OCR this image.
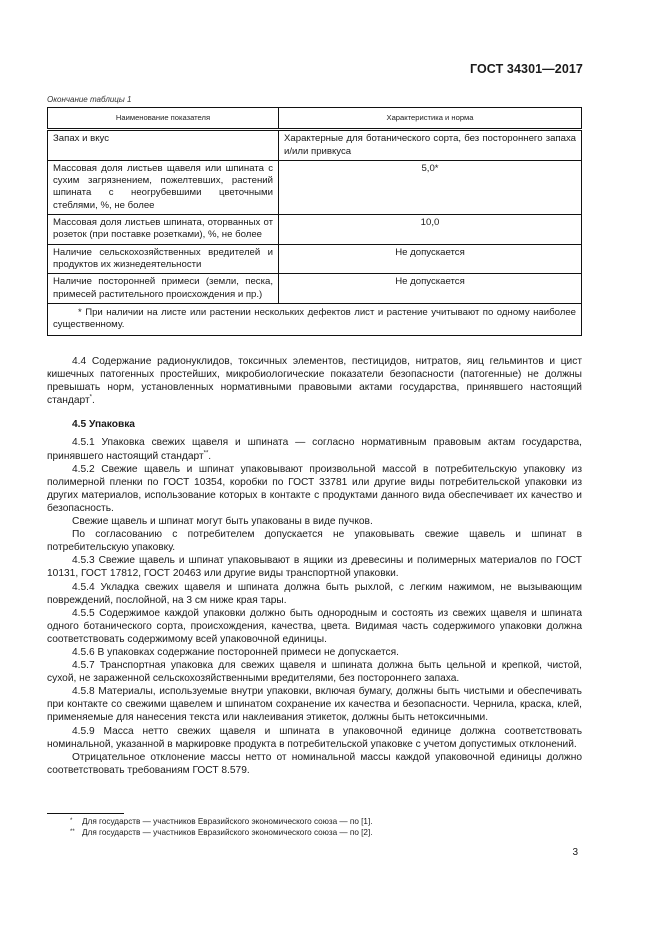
ГОСТ 34301—2017
Окончание таблицы 1
Наименование показателя	Характеристика и норма
Запах и вкус	Характерные для ботанического сорта, без постороннего запаха и/или привкуса
Массовая доля листьев щавеля или шпината с сухим загрязнением, пожелтевших, растений шпината с неогрубевшими цветочными стеблями, %, не более	5,0*
Массовая доля листьев шпината, оторванных от розеток (при поставке розетками), %, не более	10,0
Наличие сельскохозяйственных вредителей и продуктов их жизнедеятельности	Не допускается
Наличие посторонней примеси (земли, песка, примесей растительного происхождения и пр.)	Не допускается
* При наличии на листе или растении нескольких дефектов лист и растение учитывают по одному наиболее существенному.	

4.4 Содержание радионуклидов, токсичных элементов, пестицидов, нитратов, яиц гельминтов и цист кишечных патогенных простейших, микробиологические показатели безопасности (патогенные) не должны превышать норм, установленных нормативными правовыми актами государства, принявшего настоящий стандарт*.

4.5 Упаковка

4.5.1 Упаковка свежих щавеля и шпината — согласно нормативным правовым актам государства, принявшего настоящий стандарт**.

4.5.2 Свежие щавель и шпинат упаковывают произвольной массой в потребительскую упаковку из полимерной пленки по ГОСТ 10354, коробки по ГОСТ 33781 или другие виды потребительской упаковки из других материалов, использование которых в контакте с продуктами данного вида обеспечивает их качество и безопасность.

Свежие щавель и шпинат могут быть упакованы в виде пучков.

По согласованию с потребителем допускается не упаковывать свежие щавель и шпинат в потребительскую упаковку.

4.5.3 Свежие щавель и шпинат упаковывают в ящики из древесины и полимерных материалов по ГОСТ 10131, ГОСТ 17812, ГОСТ 20463 или другие виды транспортной упаковки.

4.5.4 Укладка свежих щавеля и шпината должна быть рыхлой, с легким нажимом, не вызывающим повреждений, послойной, на 3 см ниже края тары.

4.5.5 Содержимое каждой упаковки должно быть однородным и состоять из свежих щавеля и шпината одного ботанического сорта, происхождения, качества, цвета. Видимая часть содержимого упаковки должна соответствовать содержимому всей упаковочной единицы.

4.5.6 В упаковках содержание посторонней примеси не допускается.

4.5.7 Транспортная упаковка для свежих щавеля и шпината должна быть цельной и крепкой, чистой, сухой, не зараженной сельскохозяйственными вредителями, без постороннего запаха.

4.5.8 Материалы, используемые внутри упаковки, включая бумагу, должны быть чистыми и обеспечивать при контакте со свежими щавелем и шпинатом сохранение их качества и безопасности. Чернила, краска, клей, применяемые для нанесения текста или наклеивания этикеток, должны быть нетоксичными.

4.5.9 Масса нетто свежих щавеля и шпината в упаковочной единице должна соответствовать номинальной, указанной в маркировке продукта в потребительской упаковке с учетом допустимых отклонений.

Отрицательное отклонение массы нетто от номинальной массы каждой упаковочной единицы должно соответствовать требованиям ГОСТ 8.579.

*	Для государств — участников Евразийского экономического союза — по [1].
** Для государств — участников Евразийского экономического союза — по [2].
3
